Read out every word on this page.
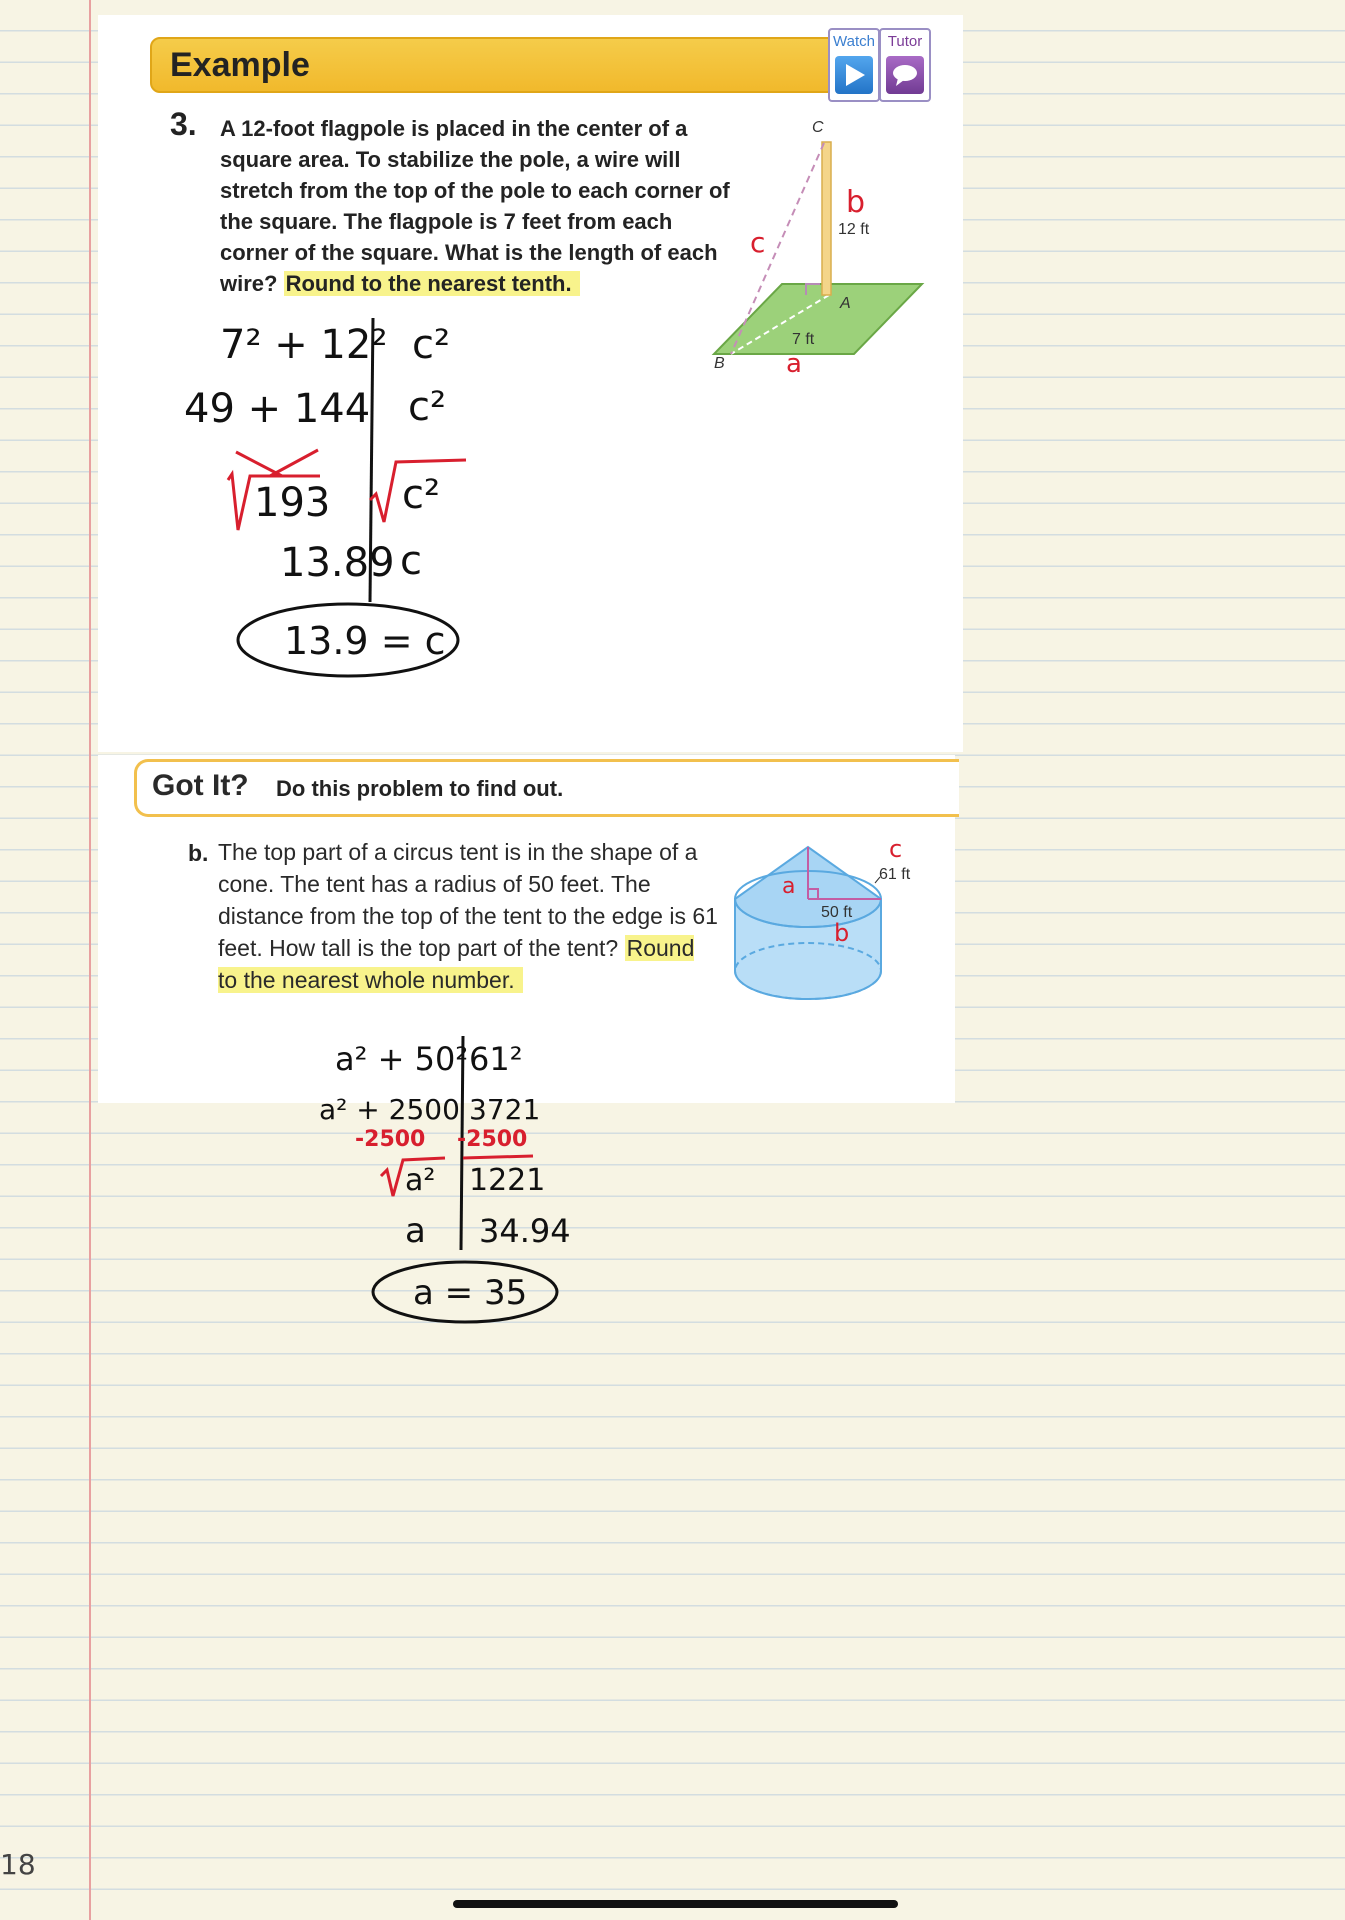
Example
Watch Tutor
3. A 12-foot flagpole is placed in the center of a square area. To stabilize the pole, a wire will stretch from the top of the pole to each corner of the square. The flagpole is 7 feet from each corner of the square. What is the length of each wire? Round to the nearest tenth.
C
B
A
12 ft
7 ft
b
c
a
7² + 12² c²
49 + 144 c²
193 c²
13.89 c
13.9 = c
Got It? Do this problem to find out.
b. The top part of a circus tent is in the shape of a cone. The tent has a radius of 50 feet. The distance from the top of the tent to the edge is 61 feet. How tall is the top part of the tent? Round to the nearest whole number.
61 ft
50 ft
c
a
b
a² + 50² 61²
a² + 2500 3721
-2500 -2500
a² 1221
a 34.94
a = 35
18
